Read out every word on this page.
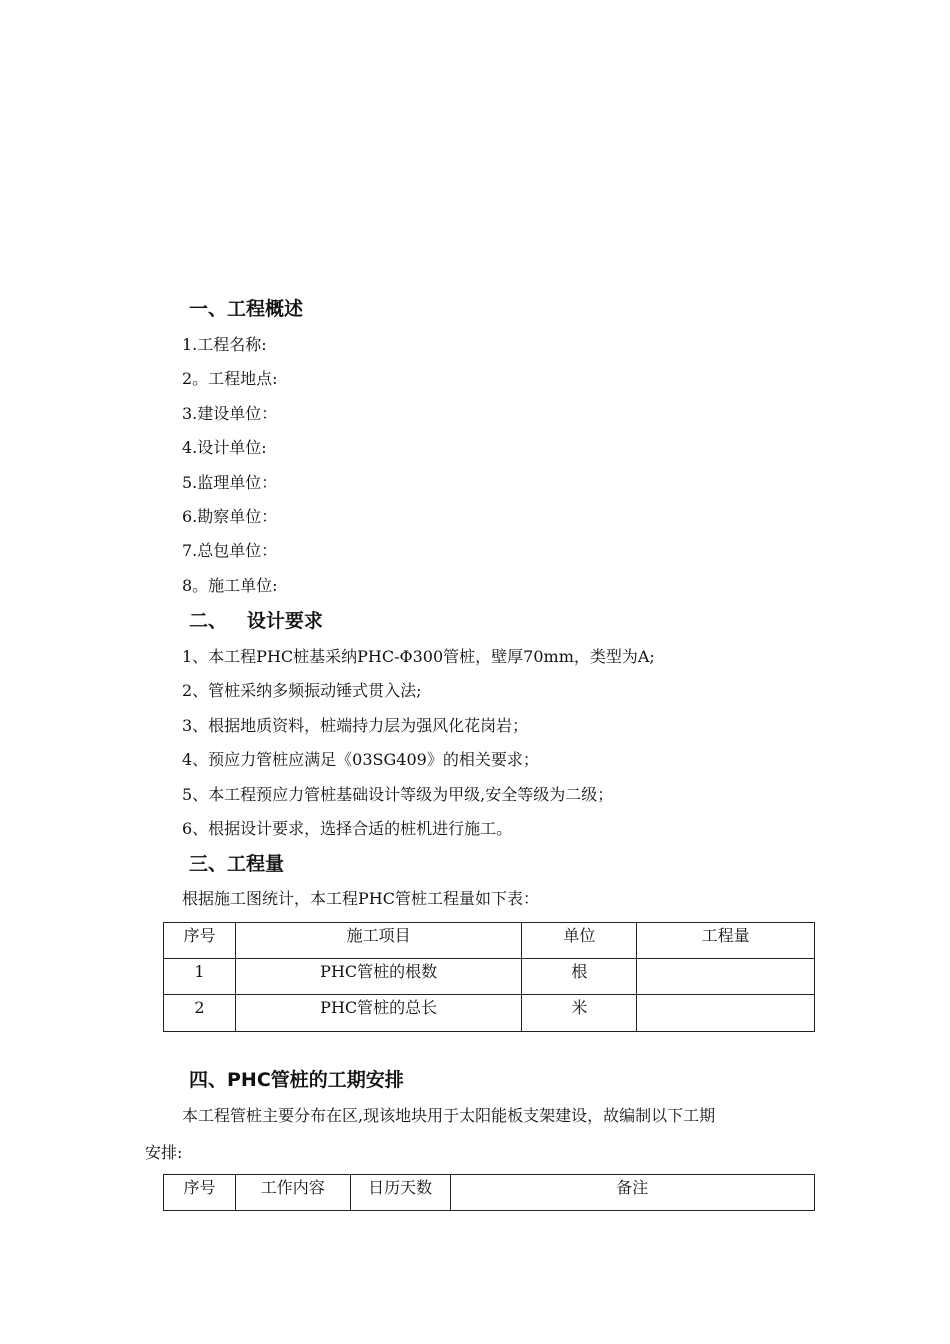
一、工程概述
1.工程名称:
2。工程地点:
3.建设单位：
4.设计单位:
5.监理单位：
6.勘察单位：
7.总包单位：
8。施工单位:
二、   设计要求
1、本工程PHC桩基采纳PHC-Φ300管桩，壁厚70mm，类型为A;
2、管桩采纳多频振动锤式贯入法;
3、根据地质资料，桩端持力层为强风化花岗岩；
4、预应力管桩应满足《03SG409》的相关要求；
5、本工程预应力管桩基础设计等级为甲级,安全等级为二级；
6、根据设计要求，选择合适的桩机进行施工。
三、工程量
根据施工图统计，本工程PHC管桩工程量如下表：
序号	施工项目	单位	工程量
1	PHC管桩的根数	根	
2	PHC管桩的总长	米	
四、PHC管桩的工期安排
本工程管桩主要分布在区,现该地块用于太阳能板支架建设，故编制以下工期
安排:
序号	工作内容	日历天数	备注
